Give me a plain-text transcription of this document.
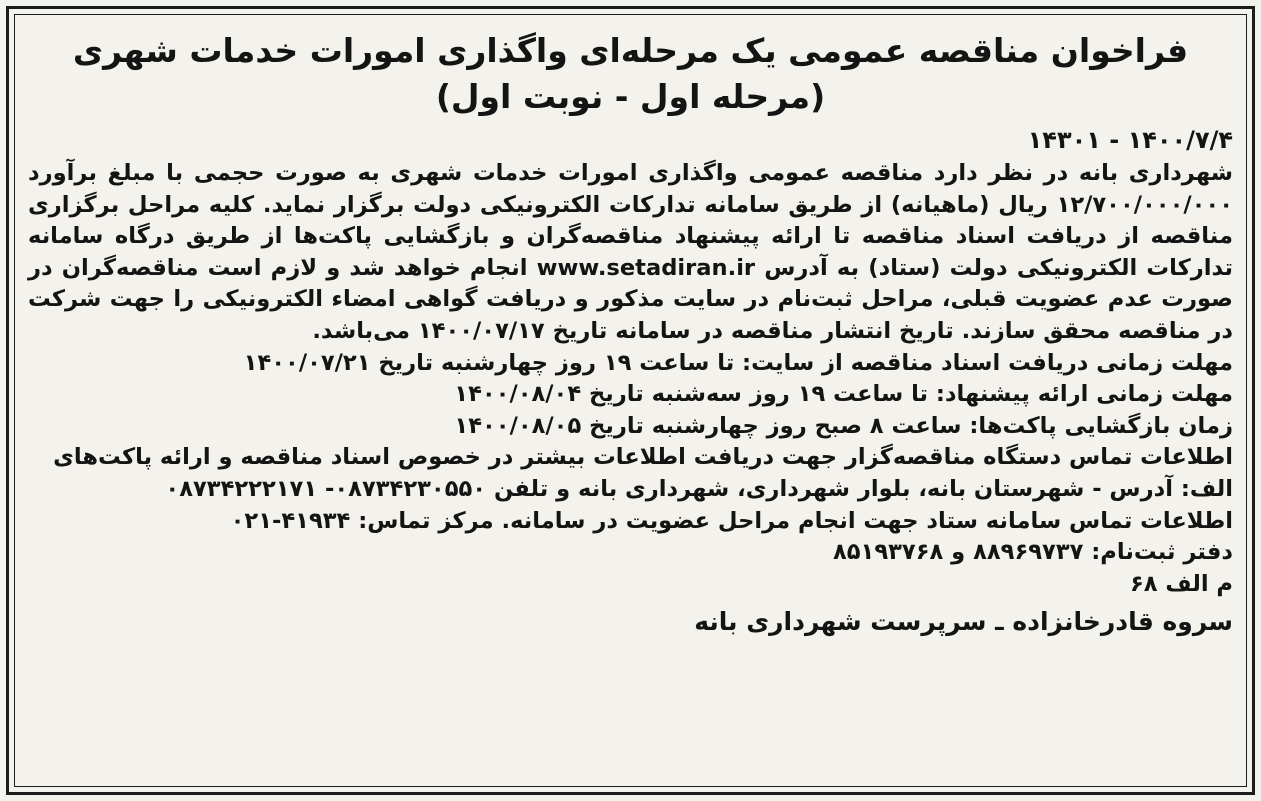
فراخوان مناقصه عمومی یک مرحله‌ای واگذاری امورات خدمات شهری

(مرحله اول - نوبت اول)

۱۴۰۰/۷/۴ - ۱۴۳۰۱

شهرداری بانه در نظر دارد مناقصه عمومی واگذاری امورات خدمات شهری به صورت حجمی با مبلغ برآورد ۱۲/۷۰۰/۰۰۰/۰۰۰ ریال (ماهیانه) از طریق سامانه تدارکات الکترونیکی دولت برگزار نماید. کلیه مراحل برگزاری مناقصه از دریافت اسناد مناقصه تا ارائه پیشنهاد مناقصه‌گران و بازگشایی پاکت‌ها از طریق درگاه سامانه تدارکات الکترونیکی دولت (ستاد) به آدرس www.setadiran.ir انجام خواهد شد و لازم است مناقصه‌گران در صورت عدم عضویت قبلی، مراحل ثبت‌نام در سایت مذکور و دریافت گواهی امضاء الکترونیکی را جهت شرکت در مناقصه محقق سازند. تاریخ انتشار مناقصه در سامانه تاریخ ۱۴۰۰/۰۷/۱۷ می‌باشد.

مهلت زمانی دریافت اسناد مناقصه از سایت: تا ساعت ۱۹ روز چهارشنبه تاریخ ۱۴۰۰/۰۷/۲۱

مهلت زمانی ارائه پیشنهاد: تا ساعت ۱۹ روز سه‌شنبه تاریخ ۱۴۰۰/۰۸/۰۴

زمان بازگشایی پاکت‌ها: ساعت ۸ صبح روز چهارشنبه تاریخ ۱۴۰۰/۰۸/۰۵

اطلاعات تماس دستگاه مناقصه‌گزار جهت دریافت اطلاعات بیشتر در خصوص اسناد مناقصه و ارائه پاکت‌های

الف: آدرس - شهرستان بانه، بلوار شهرداری، شهرداری بانه و تلفن ۰۸۷۳۴۲۳۰۵۵۰- ۰۸۷۳۴۲۲۲۱۷۱

اطلاعات تماس سامانه ستاد جهت انجام مراحل عضویت در سامانه. مرکز تماس: ۴۱۹۳۴-۰۲۱

دفتر ثبت‌نام: ۸۸۹۶۹۷۳۷ و ۸۵۱۹۳۷۶۸

م الف ۶۸

سروه قادرخانزاده ـ سرپرست شهرداری بانه
